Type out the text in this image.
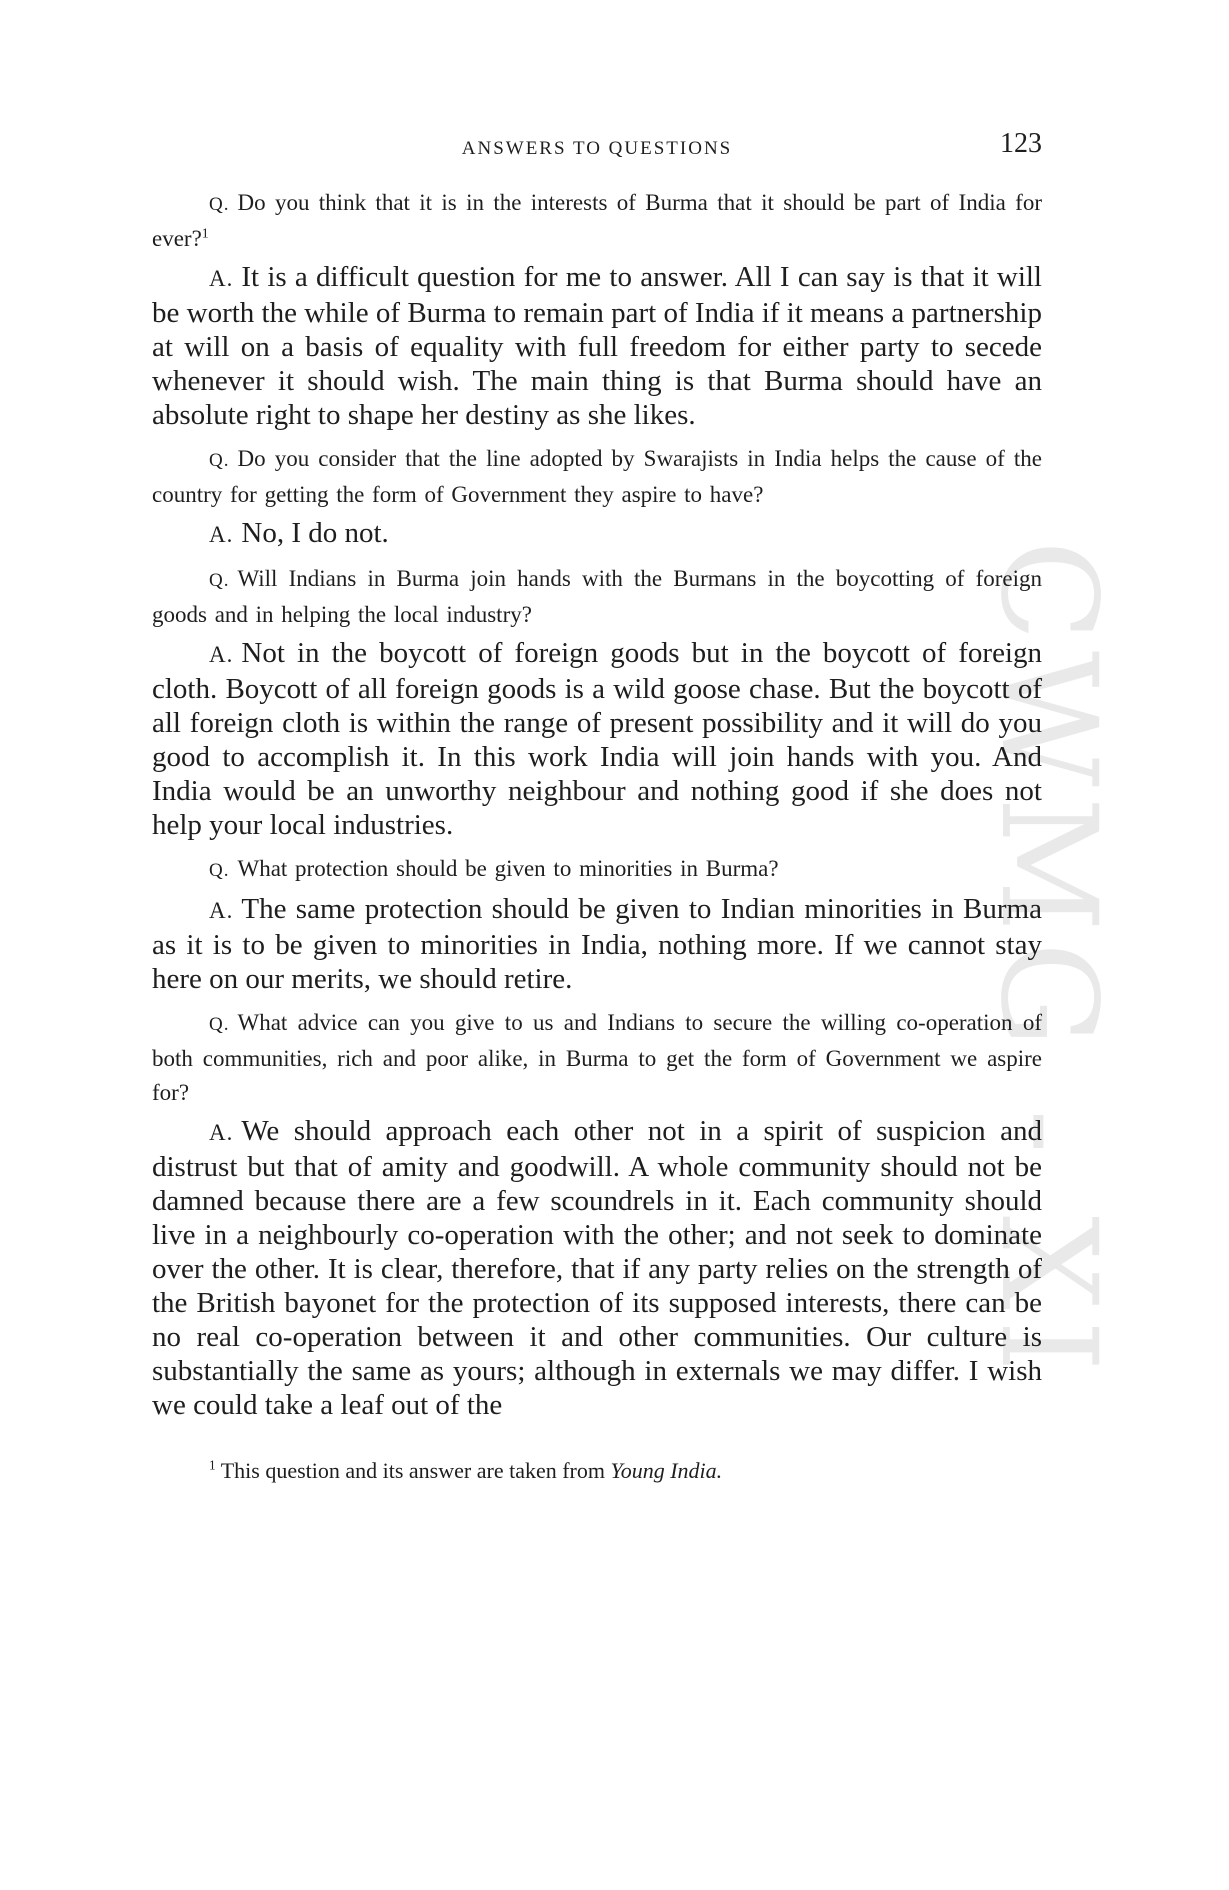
CWMG - XI
ANSWERS TO QUESTIONS	123

Q. Do you think that it is in the interests of Burma that it should be part of India for ever?$^1$

A. It is a difficult question for me to answer. All I can say is that it will be worth the while of Burma to remain part of India if it means a partnership at will on a basis of equality with full freedom for either party to secede whenever it should wish. The main thing is that Burma should have an absolute right to shape her destiny as she likes.

Q. Do you consider that the line adopted by Swarajists in India helps the cause of the country for getting the form of Government they aspire to have?

A. No, I do not.

Q. Will Indians in Burma join hands with the Burmans in the boycotting of foreign goods and in helping the local industry?

A. Not in the boycott of foreign goods but in the boycott of foreign cloth. Boycott of all foreign goods is a wild goose chase. But the boycott of all foreign cloth is within the range of present possibility and it will do you good to accomplish it. In this work India will join hands with you. And India would be an unworthy neighbour and nothing good if she does not help your local industries.

Q. What protection should be given to minorities in Burma?

A. The same protection should be given to Indian minorities in Burma as it is to be given to minorities in India, nothing more. If we cannot stay here on our merits, we should retire.

Q. What advice can you give to us and Indians to secure the willing co-operation of both communities, rich and poor alike, in Burma to get the form of Government we aspire for?

A. We should approach each other not in a spirit of suspicion and distrust but that of amity and goodwill. A whole community should not be damned because there are a few scoundrels in it. Each community should live in a neighbourly co-operation with the other; and not seek to dominate over the other. It is clear, therefore, that if any party relies on the strength of the British bayonet for the protection of its supposed interests, there can be no real co-operation between it and other communities. Our culture is substantially the same as yours; although in externals we may differ. I wish we could take a leaf out of the

$^1$ This question and its answer are taken from Young India.
